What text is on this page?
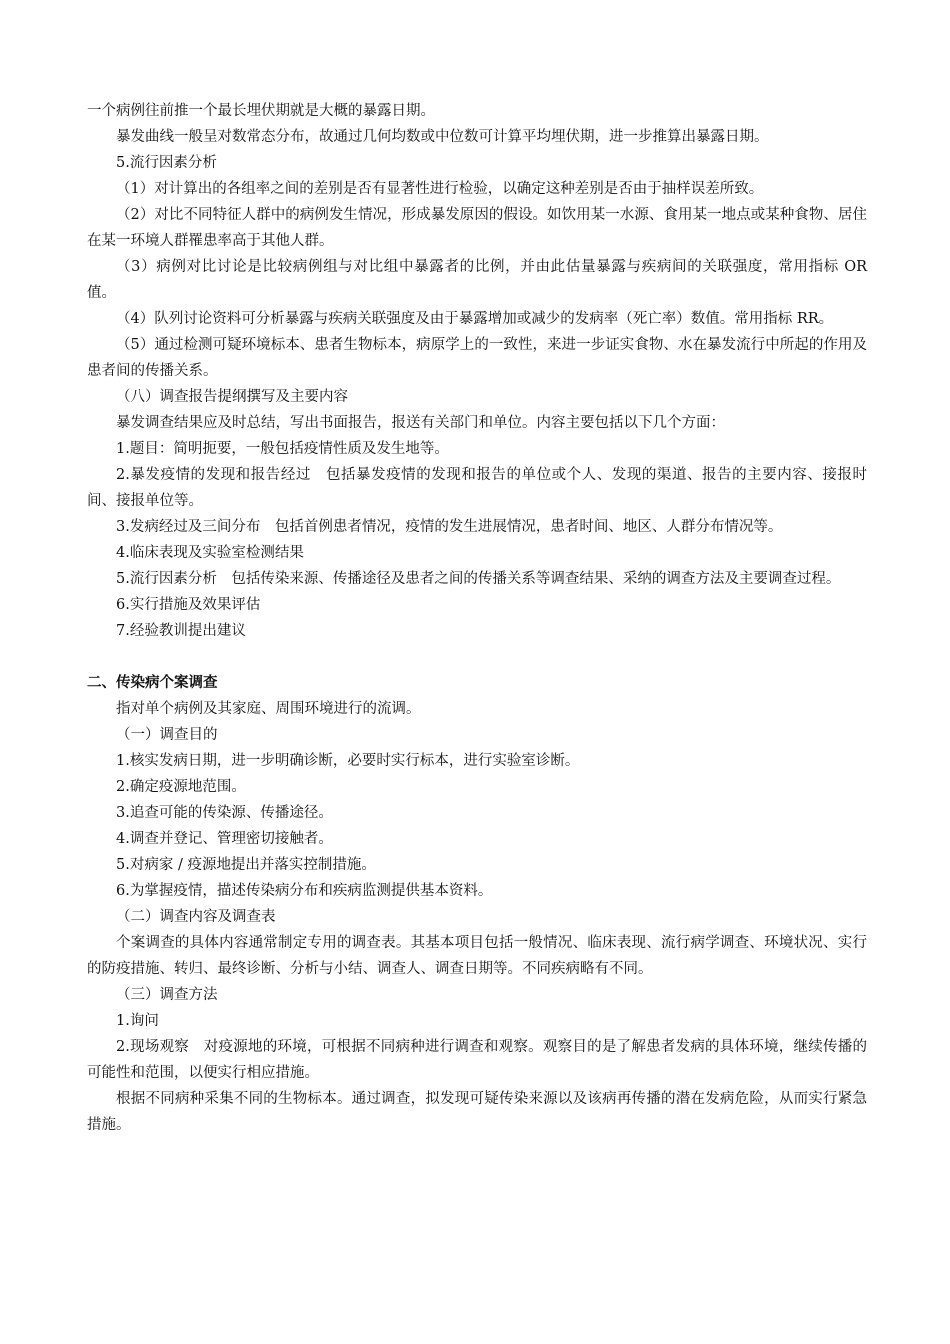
一个病例往前推一个最长埋伏期就是大概的暴露日期。

暴发曲线一般呈对数常态分布，故通过几何均数或中位数可计算平均埋伏期，进一步推算出暴露日期。

5.流行因素分析

（1）对计算出的各组率之间的差别是否有显著性进行检验，以确定这种差别是否由于抽样误差所致。

（2）对比不同特征人群中的病例发生情况，形成暴发原因的假设。如饮用某一水源、食用某一地点或某种食物、居住在某一环境人群罹患率高于其他人群。

（3）病例对比讨论是比较病例组与对比组中暴露者的比例，并由此估量暴露与疾病间的关联强度，常用指标 OR 值。

（4）队列讨论资料可分析暴露与疾病关联强度及由于暴露增加或减少的发病率（死亡率）数值。常用指标 RR。

（5）通过检测可疑环境标本、患者生物标本，病原学上的一致性，来进一步证实食物、水在暴发流行中所起的作用及患者间的传播关系。

（八）调查报告提纲撰写及主要内容

暴发调查结果应及时总结，写出书面报告，报送有关部门和单位。内容主要包括以下几个方面：

1.题目：简明扼要，一般包括疫情性质及发生地等。

2.暴发疫情的发现和报告经过　包括暴发疫情的发现和报告的单位或个人、发现的渠道、报告的主要内容、接报时间、接报单位等。

3.发病经过及三间分布　包括首例患者情况，疫情的发生进展情况，患者时间、地区、人群分布情况等。

4.临床表现及实验室检测结果

5.流行因素分析　包括传染来源、传播途径及患者之间的传播关系等调查结果、采纳的调查方法及主要调查过程。

6.实行措施及效果评估

7.经验教训提出建议

二、传染病个案调查

指对单个病例及其家庭、周围环境进行的流调。

（一）调查目的

1.核实发病日期，进一步明确诊断，必要时实行标本，进行实验室诊断。

2.确定疫源地范围。

3.追查可能的传染源、传播途径。

4.调查并登记、管理密切接触者。

5.对病家 / 疫源地提出并落实控制措施。

6.为掌握疫情，描述传染病分布和疾病监测提供基本资料。

（二）调查内容及调查表

个案调查的具体内容通常制定专用的调查表。其基本项目包括一般情况、临床表现、流行病学调查、环境状况、实行的防疫措施、转归、最终诊断、分析与小结、调查人、调查日期等。不同疾病略有不同。

（三）调查方法

1.询问

2.现场观察　对疫源地的环境，可根据不同病种进行调查和观察。观察目的是了解患者发病的具体环境，继续传播的可能性和范围，以便实行相应措施。

根据不同病种采集不同的生物标本。通过调查，拟发现可疑传染来源以及该病再传播的潜在发病危险，从而实行紧急措施。
